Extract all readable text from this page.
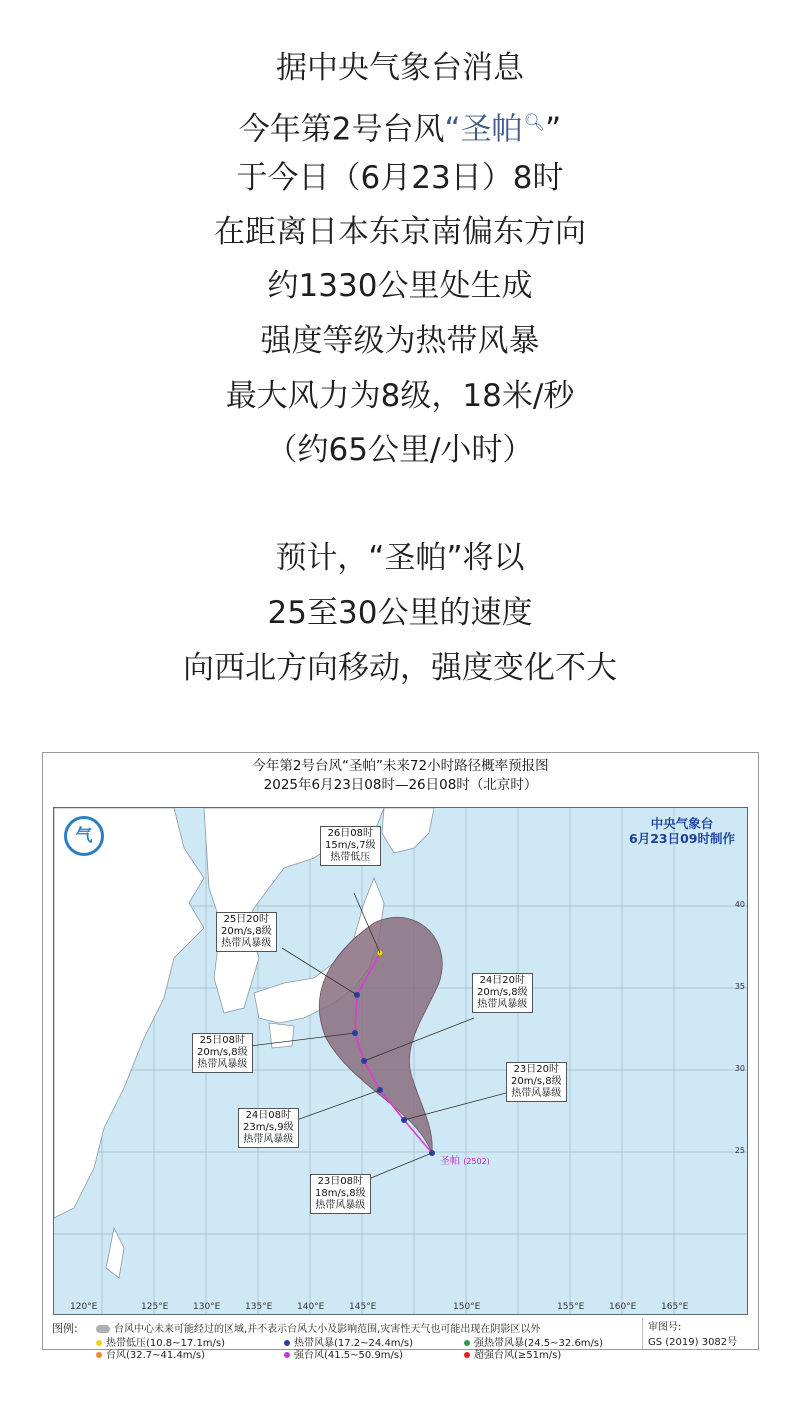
据中央气象台消息
今年第2号台风“圣帕🔍︎”
于今日（6月23日）8时
在距离日本东京南偏东方向
约1330公里处生成
强度等级为热带风暴
最大风力为8级，18米/秒
（约65公里/小时）
预计，“圣帕”将以
25至30公里的速度
向西北方向移动，强度变化不大
今年第2号台风“圣帕”未来72小时路径概率预报图
2025年6月23日08时—26日08时（北京时）
气
中央气象台
6月23日09时制作
23日08时
18m/s,8级
热带风暴级
23日20时
20m/s,8级
热带风暴级
24日08时
23m/s,9级
热带风暴级
24日20时
20m/s,8级
热带风暴级
25日08时
20m/s,8级
热带风暴级
25日20时
20m/s,8级
热带风暴级
26日08时
15m/s,7级
热带低压
圣帕 (2502)
120°E	125°E	130°E	135°E	140°E	145°E	150°E	155°E	160°E	165°E
25
30
35
40
图例:	台风中心未来可能经过的区域,并不表示台风大小及影响范围,灾害性天气也可能出现在阴影区以外
热带低压(10.8~17.1m/s)	热带风暴(17.2~24.4m/s)	强热带风暴(24.5~32.6m/s)
台风(32.7~41.4m/s)	强台风(41.5~50.9m/s)	超强台风(≥51m/s)
审图号:
GS (2019) 3082号
